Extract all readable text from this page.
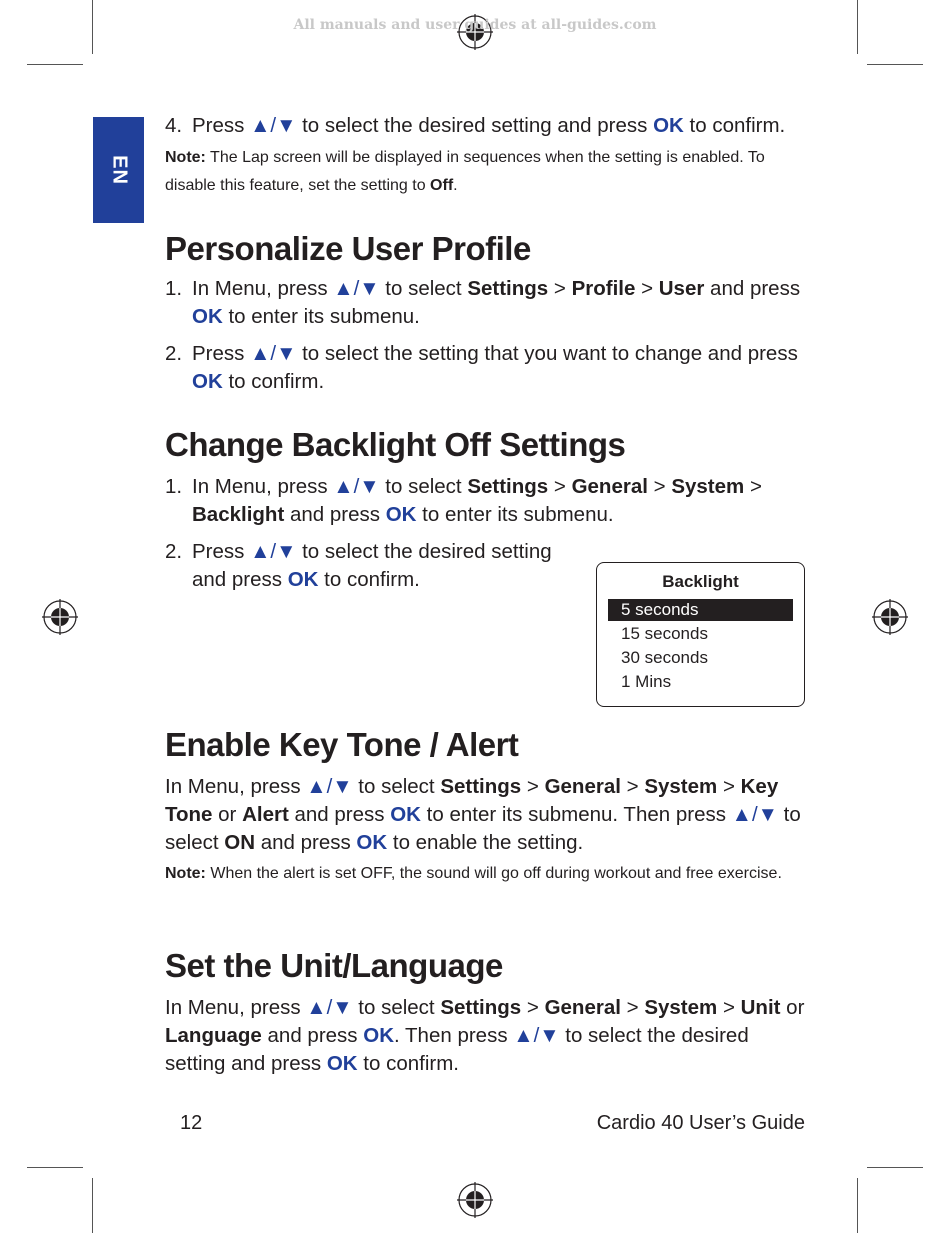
All manuals and user guides at all-guides.com
EN
4. Press ▲/▼ to select the desired setting and press OK to confirm.
Note: The Lap screen will be displayed in sequences when the setting is enabled. To disable this feature, set the setting to Off.
Personalize User Profile
1. In Menu, press ▲/▼ to select Settings > Profile > User and press OK to enter its submenu.
2. Press ▲/▼ to select the setting that you want to change and press OK to confirm.
Change Backlight Off Settings
1. In Menu, press ▲/▼ to select Settings > General > System > Backlight and press OK to enter its submenu.
2. Press ▲/▼ to select the desired setting and press OK to confirm.	Backlight
5 seconds
15 seconds
30 seconds
1 Mins
Enable Key Tone / Alert
In Menu, press ▲/▼ to select Settings > General > System > Key Tone or Alert and press OK to enter its submenu. Then press ▲/▼ to select ON and press OK to enable the setting.
Note: When the alert is set OFF, the sound will go off during workout and free exercise.
Set the Unit/Language
In Menu, press ▲/▼ to select Settings > General > System > Unit or Language and press OK. Then press ▲/▼ to select the desired setting and press OK to confirm.
12	Cardio 40 User’s Guide
